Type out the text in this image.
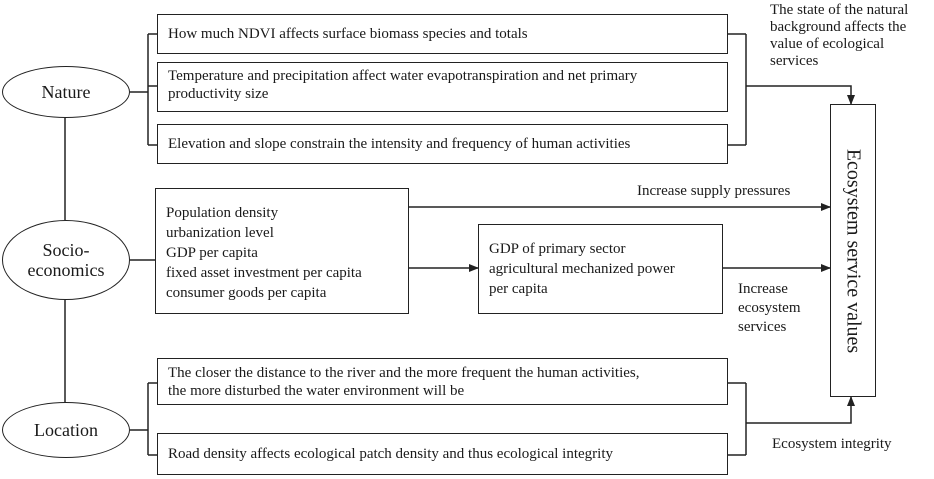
Nature
Socio-
economics
Location
How much NDVI affects surface biomass species and totals
Temperature and precipitation affect water evapotranspiration and net primary
productivity size
Elevation and slope constrain the intensity and frequency of human activities
Population density
urbanization level
GDP per capita
fixed asset investment per capita
consumer goods per capita
GDP of primary sector
agricultural mechanized power
per capita
The closer the distance to the river and the more frequent the human activities,
the more disturbed the water environment will be
Road density affects ecological patch density and thus ecological integrity
Ecosystem service values
The state of the natural
background affects the
value of ecological
services
Increase supply pressures
Increase
ecosystem
services
Ecosystem integrity
